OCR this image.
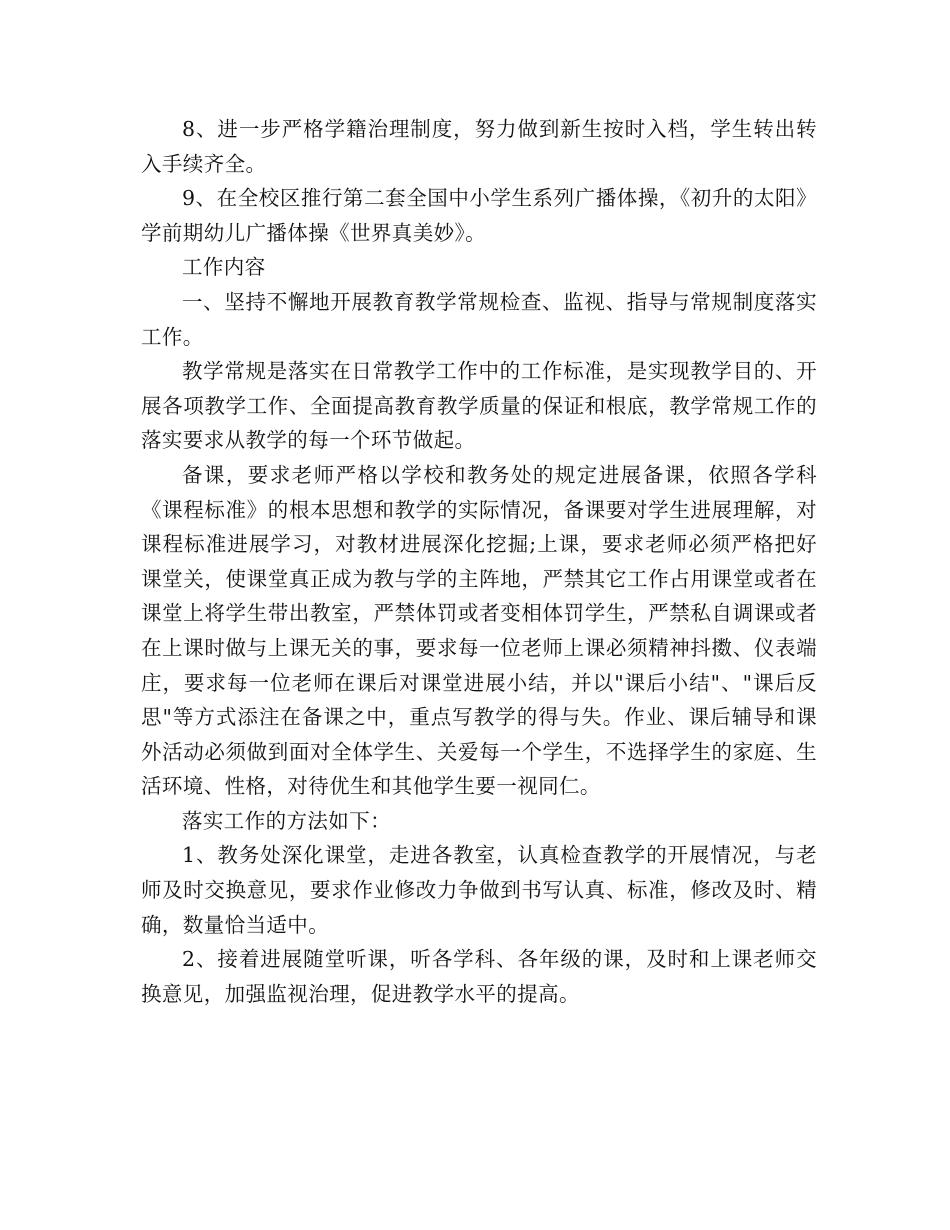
8、进一步严格学籍治理制度，努力做到新生按时入档，学生转出转入手续齐全。

9、在全校区推行第二套全国中小学生系列广播体操，《初升的太阳》学前期幼儿广播体操《世界真美妙》。

工作内容

一、坚持不懈地开展教育教学常规检查、监视、指导与常规制度落实工作。

教学常规是落实在日常教学工作中的工作标准，是实现教学目的、开展各项教学工作、全面提高教育教学质量的保证和根底，教学常规工作的落实要求从教学的每一个环节做起。

备课，要求老师严格以学校和教务处的规定进展备课，依照各学科《课程标准》的根本思想和教学的实际情况，备课要对学生进展理解，对课程标准进展学习，对教材进展深化挖掘;上课，要求老师必须严格把好课堂关，使课堂真正成为教与学的主阵地，严禁其它工作占用课堂或者在课堂上将学生带出教室，严禁体罚或者变相体罚学生，严禁私自调课或者在上课时做与上课无关的事，要求每一位老师上课必须精神抖擞、仪表端庄，要求每一位老师在课后对课堂进展小结，并以"课后小结"、"课后反思"等方式添注在备课之中，重点写教学的得与失。作业、课后辅导和课外活动必须做到面对全体学生、关爱每一个学生，不选择学生的家庭、生活环境、性格，对待优生和其他学生要一视同仁。

落实工作的方法如下：

1、教务处深化课堂，走进各教室，认真检查教学的开展情况，与老师及时交换意见，要求作业修改力争做到书写认真、标准，修改及时、精确，数量恰当适中。

2、接着进展随堂听课，听各学科、各年级的课，及时和上课老师交换意见，加强监视治理，促进教学水平的提高。
